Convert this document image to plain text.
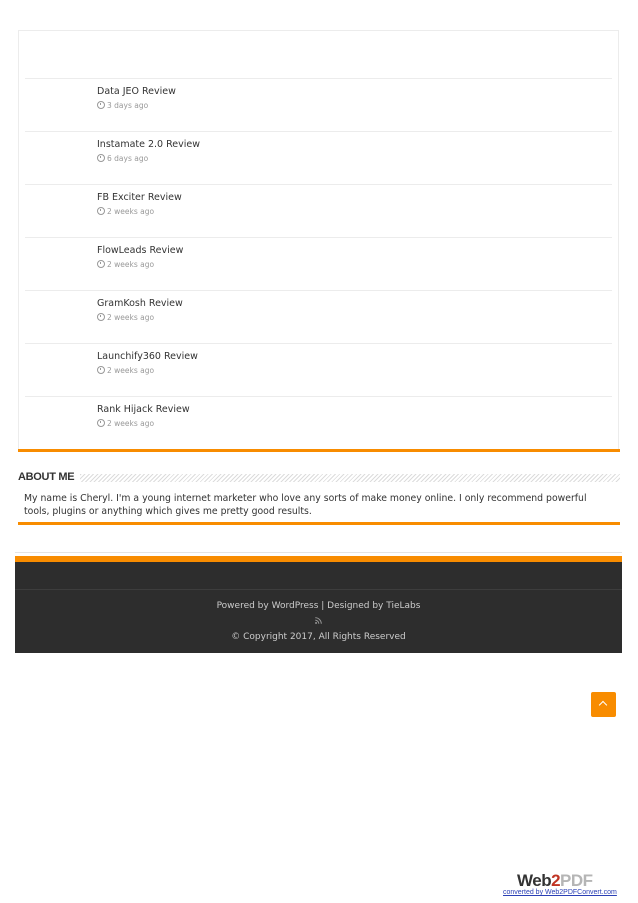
Data JEO Review
3 days ago
Instamate 2.0 Review
6 days ago
FB Exciter Review
2 weeks ago
FlowLeads Review
2 weeks ago
GramKosh Review
2 weeks ago
Launchify360 Review
2 weeks ago
Rank Hijack Review
2 weeks ago
ABOUT ME
My name is Cheryl. I'm a young internet marketer who love any sorts of make money online. I only recommend powerful tools, plugins or anything which gives me pretty good results.
Powered by WordPress | Designed by TieLabs
© Copyright 2017, All Rights Reserved
Web2PDF
converted by Web2PDFConvert.com
